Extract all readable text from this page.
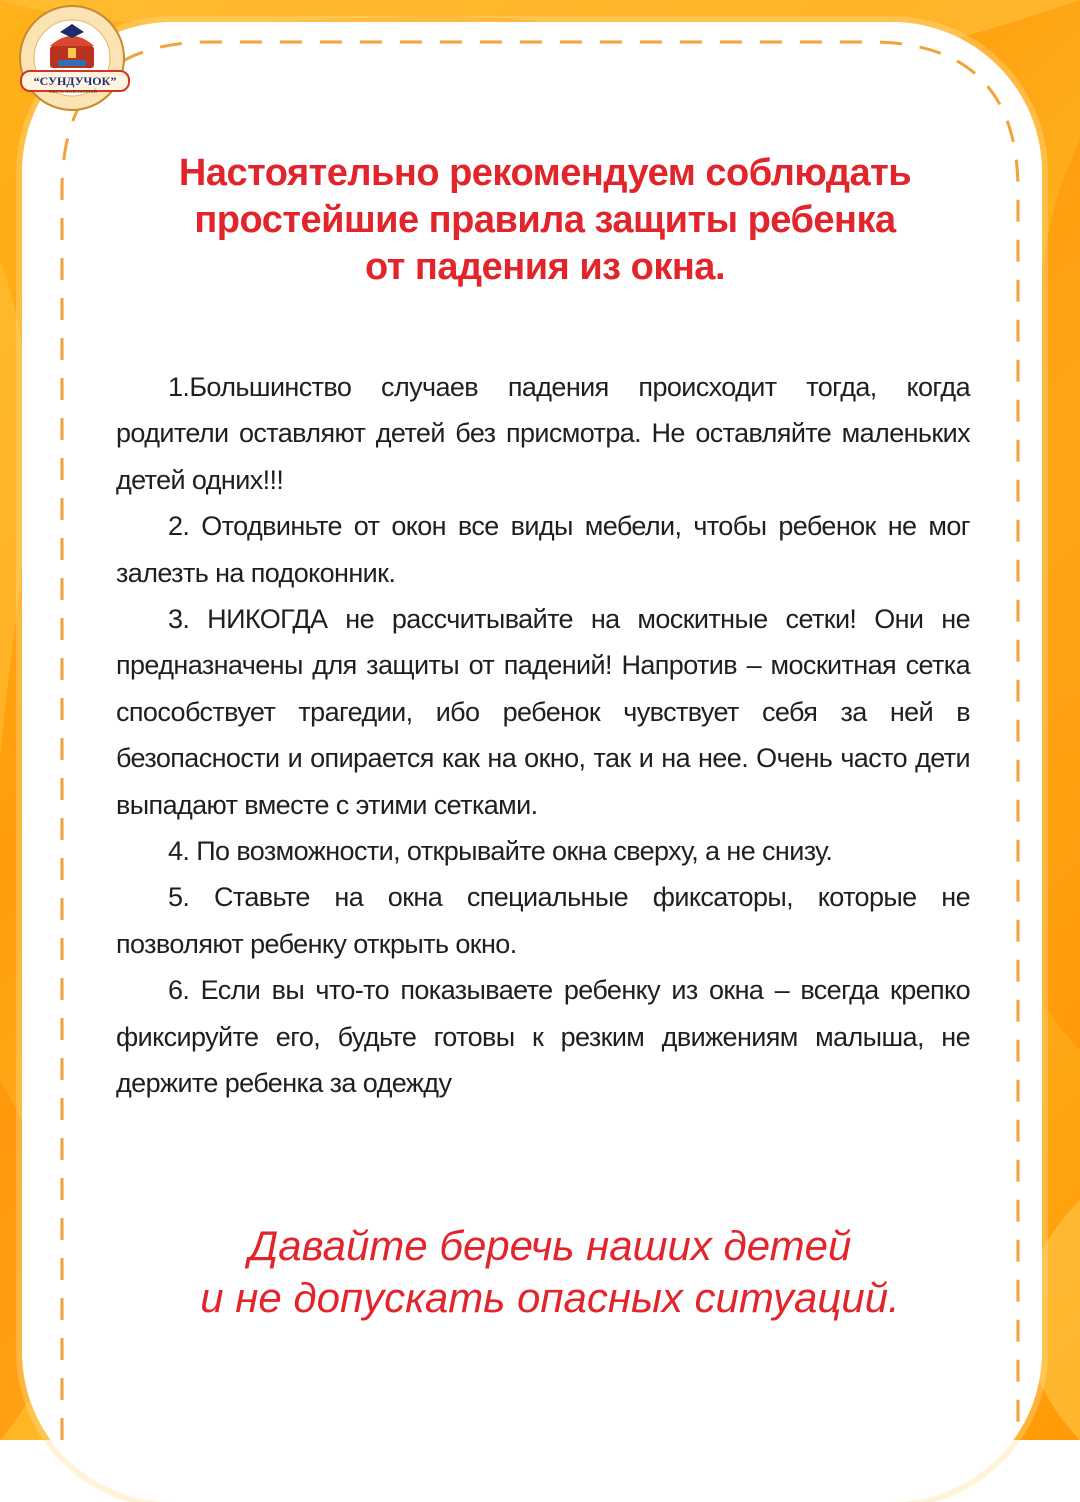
“СУНДУЧОК”
масса полезностей
Настоятельно рекомендуем соблюдать
простейшие правила защиты ребенка
от падения из окна.

1.Большинство случаев падения происходит тогда, когда родители оставляют детей без присмотра. Не оставляйте маленьких детей одних!!!

2. Отодвиньте от окон все виды мебели, чтобы ребенок не мог залезть на подоконник.

3. НИКОГДА не рассчитывайте на москитные сетки! Они не предназначены для защиты от падений! Напротив – москитная сетка способствует трагедии, ибо ребенок чувствует себя за ней в безопасности и опирается как на окно, так и на нее. Очень часто дети выпадают вместе с этими сетками.

4. По возможности, открывайте окна сверху, а не снизу.

5. Ставьте на окна специальные фиксаторы, которые не позволяют ребенку открыть окно.

6. Если вы что-то показываете ребенку из окна – всегда крепко фиксируйте его, будьте готовы к резким движениям малыша, не держите ребенка за одежду

Давайте беречь наших детей
и не допускать опасных ситуаций.
